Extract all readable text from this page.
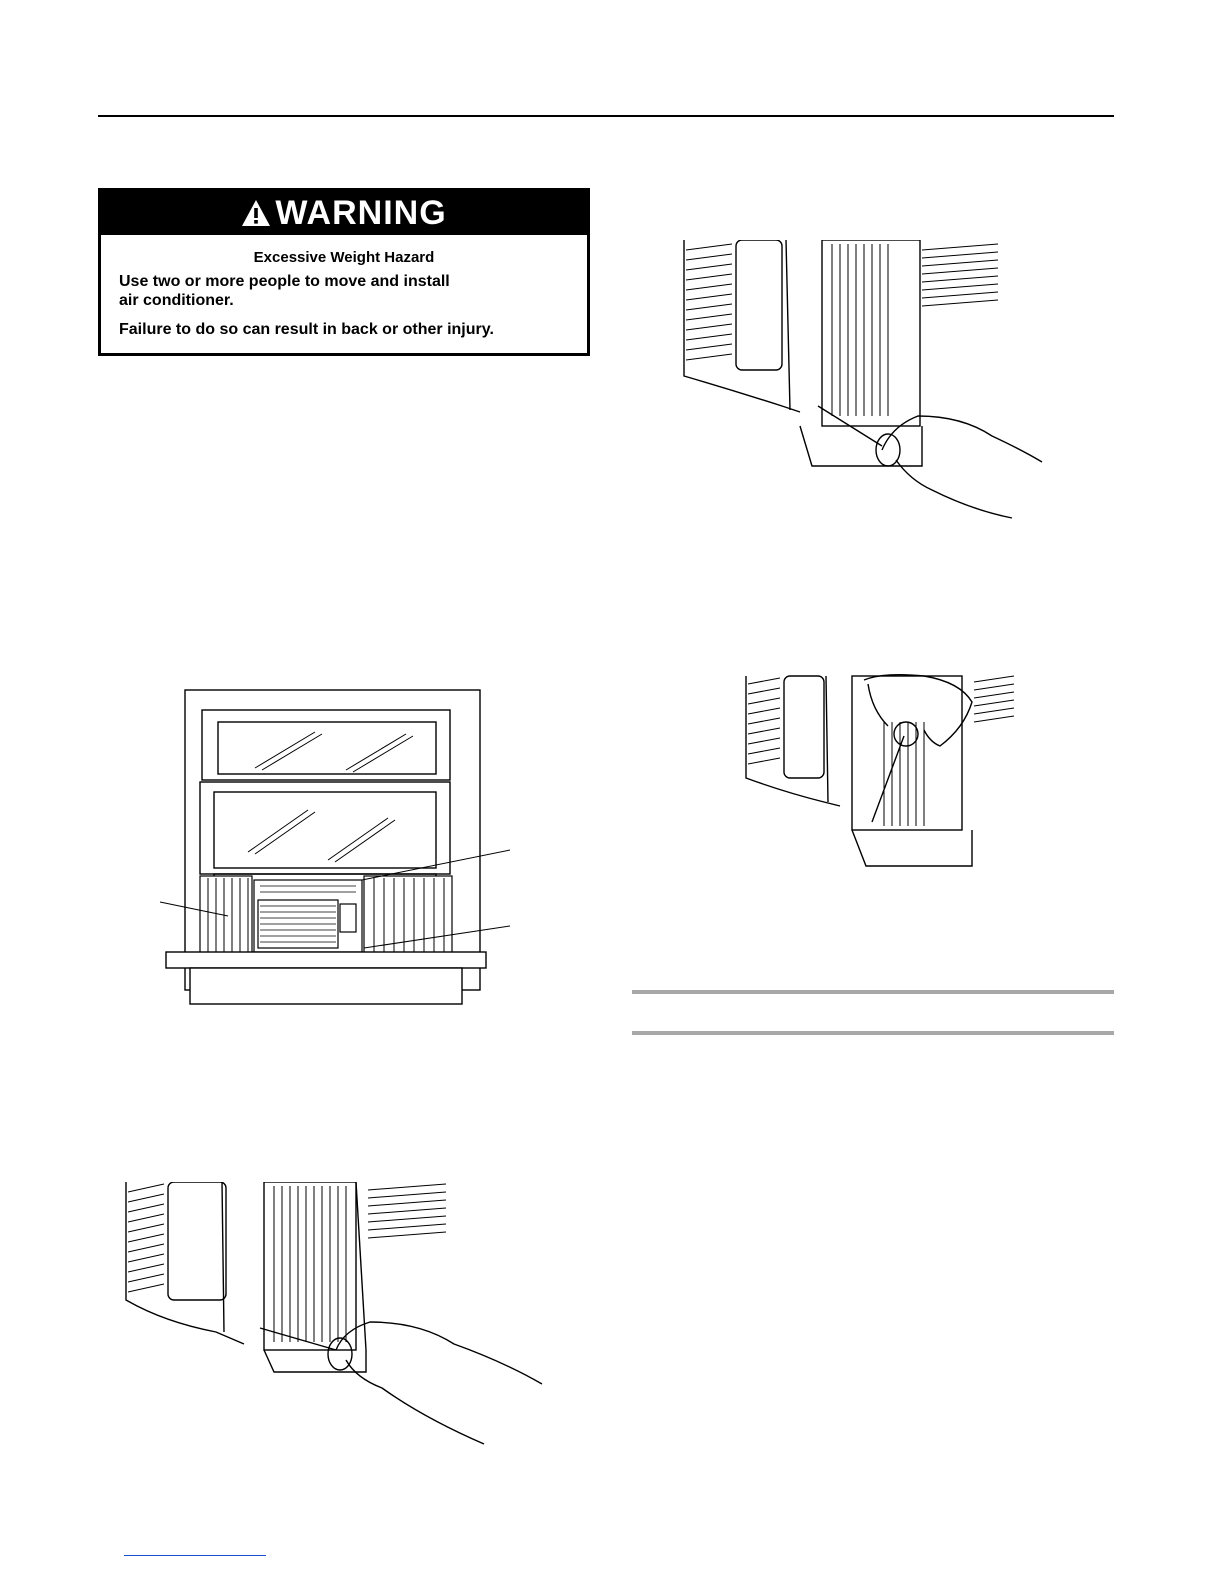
WARNING
Excessive Weight Hazard
Use two or more people to move and install
air conditioner.
Failure to do so can result in back or other injury.
